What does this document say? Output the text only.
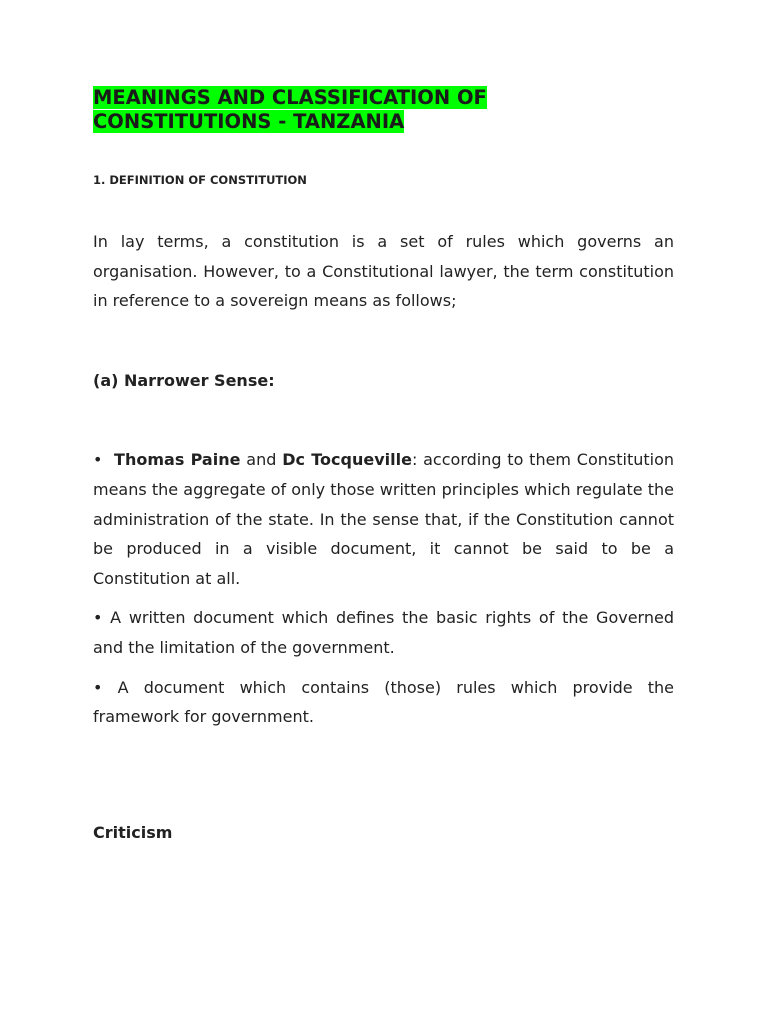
MEANINGS AND CLASSIFICATION OF
CONSTITUTIONS - TANZANIA

1. DEFINITION OF CONSTITUTION

In lay terms, a constitution is a set of rules which governs an organisation. However, to a Constitutional lawyer, the term constitution in reference to a sovereign means as follows;

(a) Narrower Sense:

• Thomas Paine and Dc Tocqueville: according to them Constitution means the aggregate of only those written principles which regulate the administration of the state. In the sense that, if the Constitution cannot be produced in a visible document, it cannot be said to be a Constitution at all.

• A written document which defines the basic rights of the Governed and the limitation of the government.

• A document which contains (those) rules which provide the framework for government.

Criticism
